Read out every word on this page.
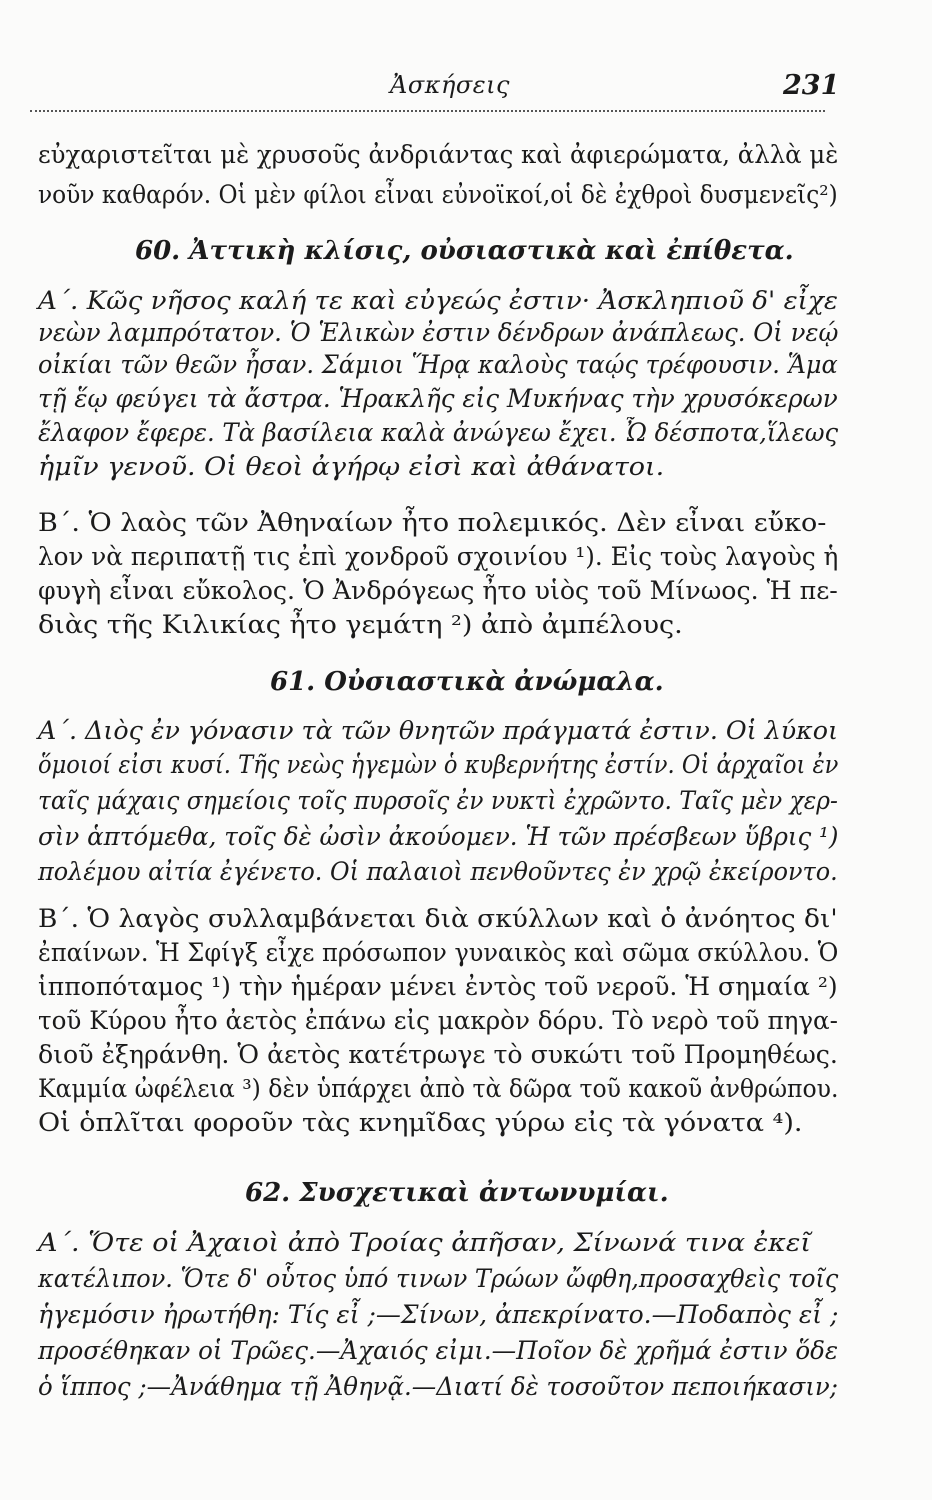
Ἀσκήσεις	231
εὐχαριστεῖται μὲ χρυσοῦς ἀνδριάντας καὶ ἀφιερώματα, ἀλλὰ μὲ
νοῦν καθαρόν. Οἱ μὲν φίλοι εἶναι εὐνοϊκοί,οἱ δὲ ἐχθροὶ δυσμενεῖς²)
60. Ἀττικὴ κλίσις, οὐσιαστικὰ καὶ ἐπίθετα.
Α΄. Κῶς νῆσος καλή τε καὶ εὐγεώς ἐστιν· Ἀσκληπιοῦ δ' εἶχε
νεὼν λαμπρότατον. Ὁ Ἑλικὼν ἐστιν δένδρων ἀνάπλεως. Οἱ νεῴ
οἰκίαι τῶν θεῶν ἦσαν. Σάμιοι Ἥρᾳ καλοὺς ταῴς τρέφουσιν. Ἅμα
τῇ ἕῳ φεύγει τὰ ἄστρα. Ἡρακλῆς εἰς Μυκήνας τὴν χρυσόκερων
ἔλαφον ἔφερε. Τὰ βασίλεια καλὰ ἀνώγεω ἔχει. Ὦ δέσποτα,ἵλεως
ἡμῖν γενοῦ. Οἱ θεοὶ ἀγήρῳ εἰσὶ καὶ ἀθάνατοι.
Β΄. Ὁ λαὸς τῶν Ἀθηναίων ἦτο πολεμικός. Δὲν εἶναι εὔκο-
λον νὰ περιπατῇ τις ἐπὶ χονδροῦ σχοινίου ¹). Εἰς τοὺς λαγοὺς ἡ
φυγὴ εἶναι εὔκολος. Ὁ Ἀνδρόγεως ἦτο υἱὸς τοῦ Μίνωος. Ἡ πε-
διὰς τῆς Κιλικίας ἦτο γεμάτη ²) ἀπὸ ἀμπέλους.
61. Οὐσιαστικὰ ἀνώμαλα.
Α΄. Διὸς ἐν γόνασιν τὰ τῶν θνητῶν πράγματά ἐστιν. Οἱ λύκοι
ὅμοιοί εἰσι κυσί. Τῆς νεὼς ἡγεμὼν ὁ κυβερνήτης ἐστίν. Οἱ ἀρχαῖοι ἐν
ταῖς μάχαις σημείοις τοῖς πυρσοῖς ἐν νυκτὶ ἐχρῶντο. Ταῖς μὲν χερ-
σὶν ἁπτόμεθα, τοῖς δὲ ὠσὶν ἀκούομεν. Ἡ τῶν πρέσβεων ὕβρις ¹)
πολέμου αἰτία ἐγένετο. Οἱ παλαιοὶ πενθοῦντες ἐν χρῷ ἐκείροντο.
Β΄. Ὁ λαγὸς συλλαμβάνεται διὰ σκύλλων καὶ ὁ ἀνόητος δι'
ἐπαίνων. Ἡ Σφίγξ εἶχε πρόσωπον γυναικὸς καὶ σῶμα σκύλλου. Ὁ
ἱπποπόταμος ¹) τὴν ἡμέραν μένει ἐντὸς τοῦ νεροῦ. Ἡ σημαία ²)
τοῦ Κύρου ἦτο ἀετὸς ἐπάνω εἰς μακρὸν δόρυ. Τὸ νερὸ τοῦ πηγα-
διοῦ ἐξηράνθη. Ὁ ἀετὸς κατέτρωγε τὸ συκώτι τοῦ Προμηθέως.
Καμμία ὠφέλεια ³) δὲν ὑπάρχει ἀπὸ τὰ δῶρα τοῦ κακοῦ ἀνθρώπου.
Οἱ ὁπλῖται φοροῦν τὰς κνημῖδας γύρω εἰς τὰ γόνατα ⁴).
62. Συσχετικαὶ ἀντωνυμίαι.
Α΄. Ὅτε οἱ Ἀχαιοὶ ἀπὸ Τροίας ἀπῆσαν, Σίνωνά τινα ἐκεῖ
κατέλιπον. Ὅτε δ' οὗτος ὑπό τινων Τρώων ὤφθη,προσαχθεὶς τοῖς
ἡγεμόσιν ἠρωτήθη: Τίς εἶ ;—Σίνων, ἀπεκρίνατο.—Ποδαπὸς εἶ ;
προσέθηκαν οἱ Τρῶες.—Ἀχαιός εἰμι.—Ποῖον δὲ χρῆμά ἐστιν ὅδε
ὁ ἵππος ;—Ἀνάθημα τῇ Ἀθηνᾷ.—Διατί δὲ τοσοῦτον πεποιήκασιν;
